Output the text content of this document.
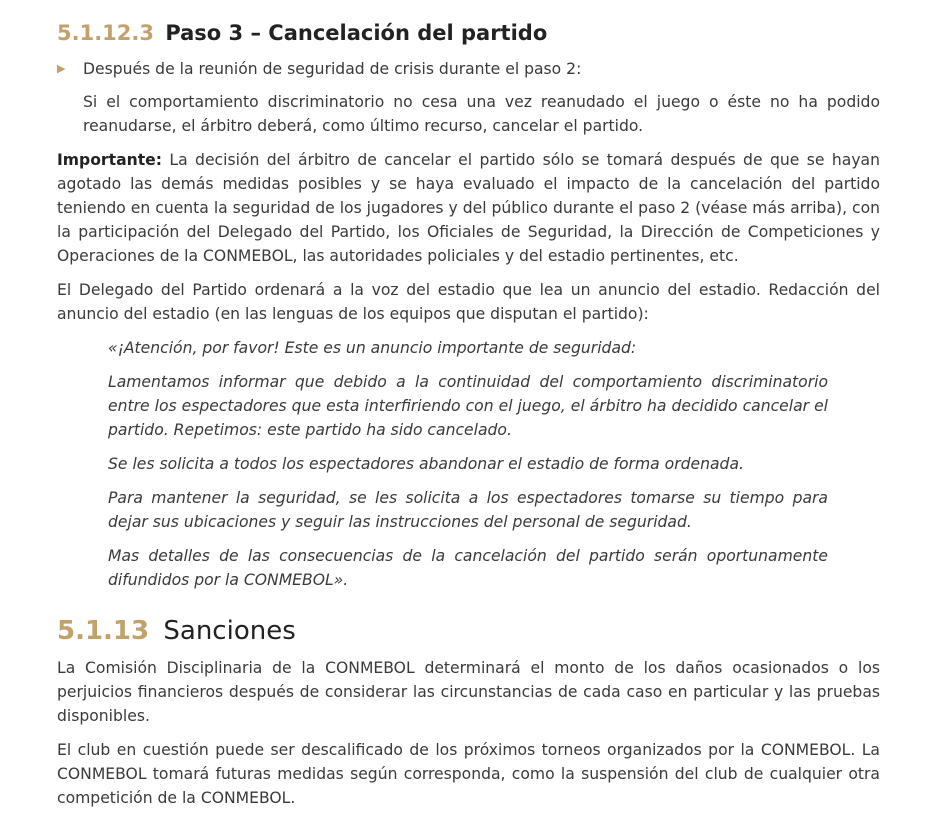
5.1.12.3 Paso 3 – Cancelación del partido
▶	Después de la reunión de seguridad de crisis durante el paso 2:

Si el comportamiento discriminatorio no cesa una vez reanudado el juego o éste no ha podido reanudarse, el árbitro deberá, como último recurso, cancelar el partido.

Importante: La decisión del árbitro de cancelar el partido sólo se tomará después de que se hayan agotado las demás medidas posibles y se haya evaluado el impacto de la cancelación del partido teniendo en cuenta la seguridad de los jugadores y del público durante el paso 2 (véase más arriba), con la participación del Delegado del Partido, los Oficiales de Seguridad, la Dirección de Competiciones y Operaciones de la CONMEBOL, las autoridades policiales y del estadio pertinentes, etc.

El Delegado del Partido ordenará a la voz del estadio que lea un anuncio del estadio. Redacción del anuncio del estadio (en las lenguas de los equipos que disputan el partido):

«¡Atención, por favor! Este es un anuncio importante de seguridad:

Lamentamos informar que debido a la continuidad del comportamiento discriminatorio entre los espectadores que esta interfiriendo con el juego, el árbitro ha decidido cancelar el partido. Repetimos: este partido ha sido cancelado.

Se les solicita a todos los espectadores abandonar el estadio de forma ordenada.

Para mantener la seguridad, se les solicita a los espectadores tomarse su tiempo para dejar sus ubicaciones y seguir las instrucciones del personal de seguridad.

Mas detalles de las consecuencias de la cancelación del partido serán oportunamente difundidos por la CONMEBOL».

5.1.13 Sanciones

La Comisión Disciplinaria de la CONMEBOL determinará el monto de los daños ocasionados o los perjuicios financieros después de considerar las circunstancias de cada caso en particular y las pruebas disponibles.

El club en cuestión puede ser descalificado de los próximos torneos organizados por la CONMEBOL. La CONMEBOL tomará futuras medidas según corresponda, como la suspensión del club de cualquier otra competición de la CONMEBOL.
